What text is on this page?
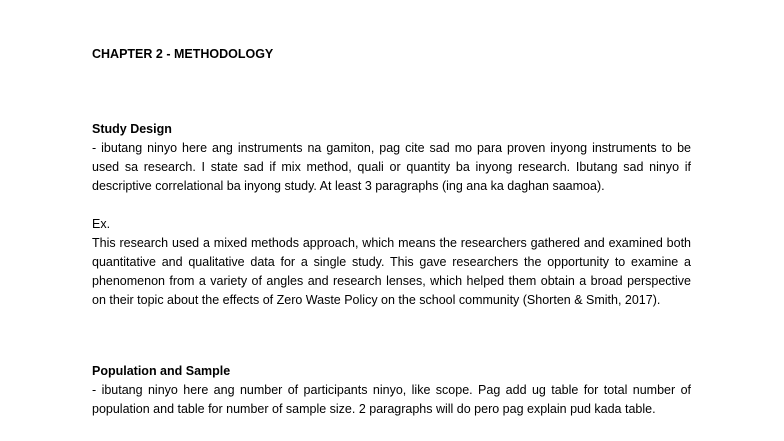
CHAPTER 2 - METHODOLOGY

Study Design

- ibutang ninyo here ang instruments na gamiton, pag cite sad mo para proven inyong instruments to be used sa research. I state sad if mix method, quali or quantity ba inyong research. Ibutang sad ninyo if descriptive correlational ba inyong study. At least 3 paragraphs (ing ana ka daghan saamoa).

Ex.

This research used a mixed methods approach, which means the researchers gathered and examined both quantitative and qualitative data for a single study. This gave researchers the opportunity to examine a phenomenon from a variety of angles and research lenses, which helped them obtain a broad perspective on their topic about the effects of Zero Waste Policy on the school community (Shorten & Smith, 2017).

Population and Sample

- ibutang ninyo here ang number of participants ninyo, like scope. Pag add ug table for total number of population and table for number of sample size. 2 paragraphs will do pero pag explain pud kada table.
